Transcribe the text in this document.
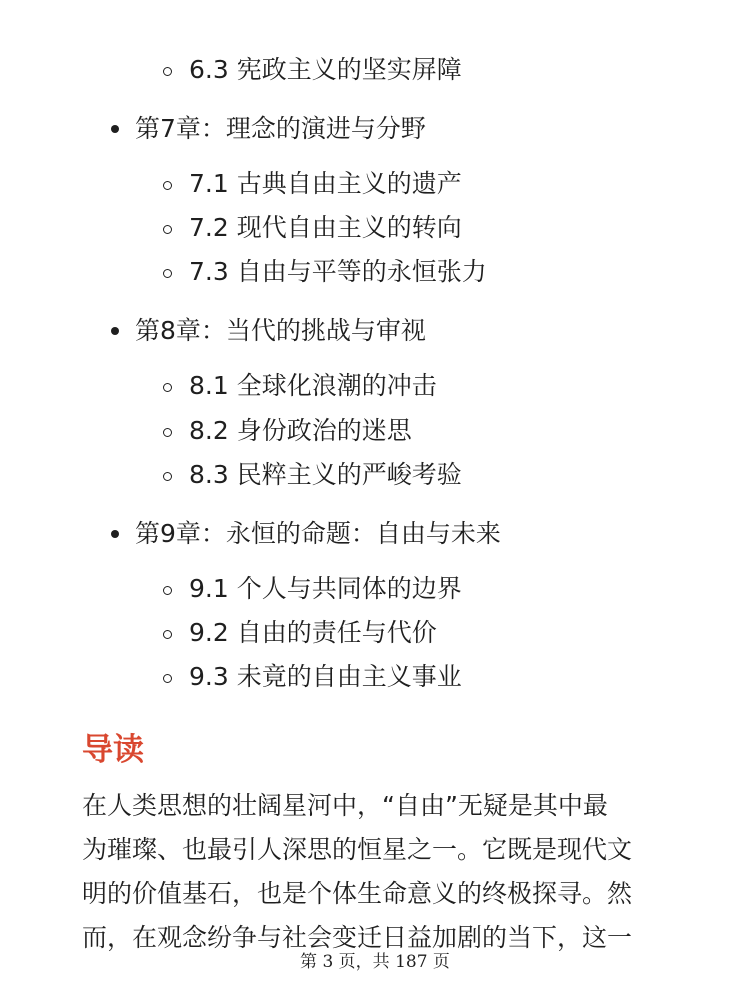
6.3 宪政主义的坚实屏障
第7章：理念的演进与分野
7.1 古典自由主义的遗产
7.2 现代自由主义的转向
7.3 自由与平等的永恒张力
第8章：当代的挑战与审视
8.1 全球化浪潮的冲击
8.2 身份政治的迷思
8.3 民粹主义的严峻考验
第9章：永恒的命题：自由与未来
9.1 个人与共同体的边界
9.2 自由的责任与代价
9.3 未竟的自由主义事业
导读
在人类思想的壮阔星河中，“自由”无疑是其中最
为璀璨、也最引人深思的恒星之一。它既是现代文
明的价值基石，也是个体生命意义的终极探寻。然
而，在观念纷争与社会变迁日益加剧的当下，这一
第 3 页，共 187 页
